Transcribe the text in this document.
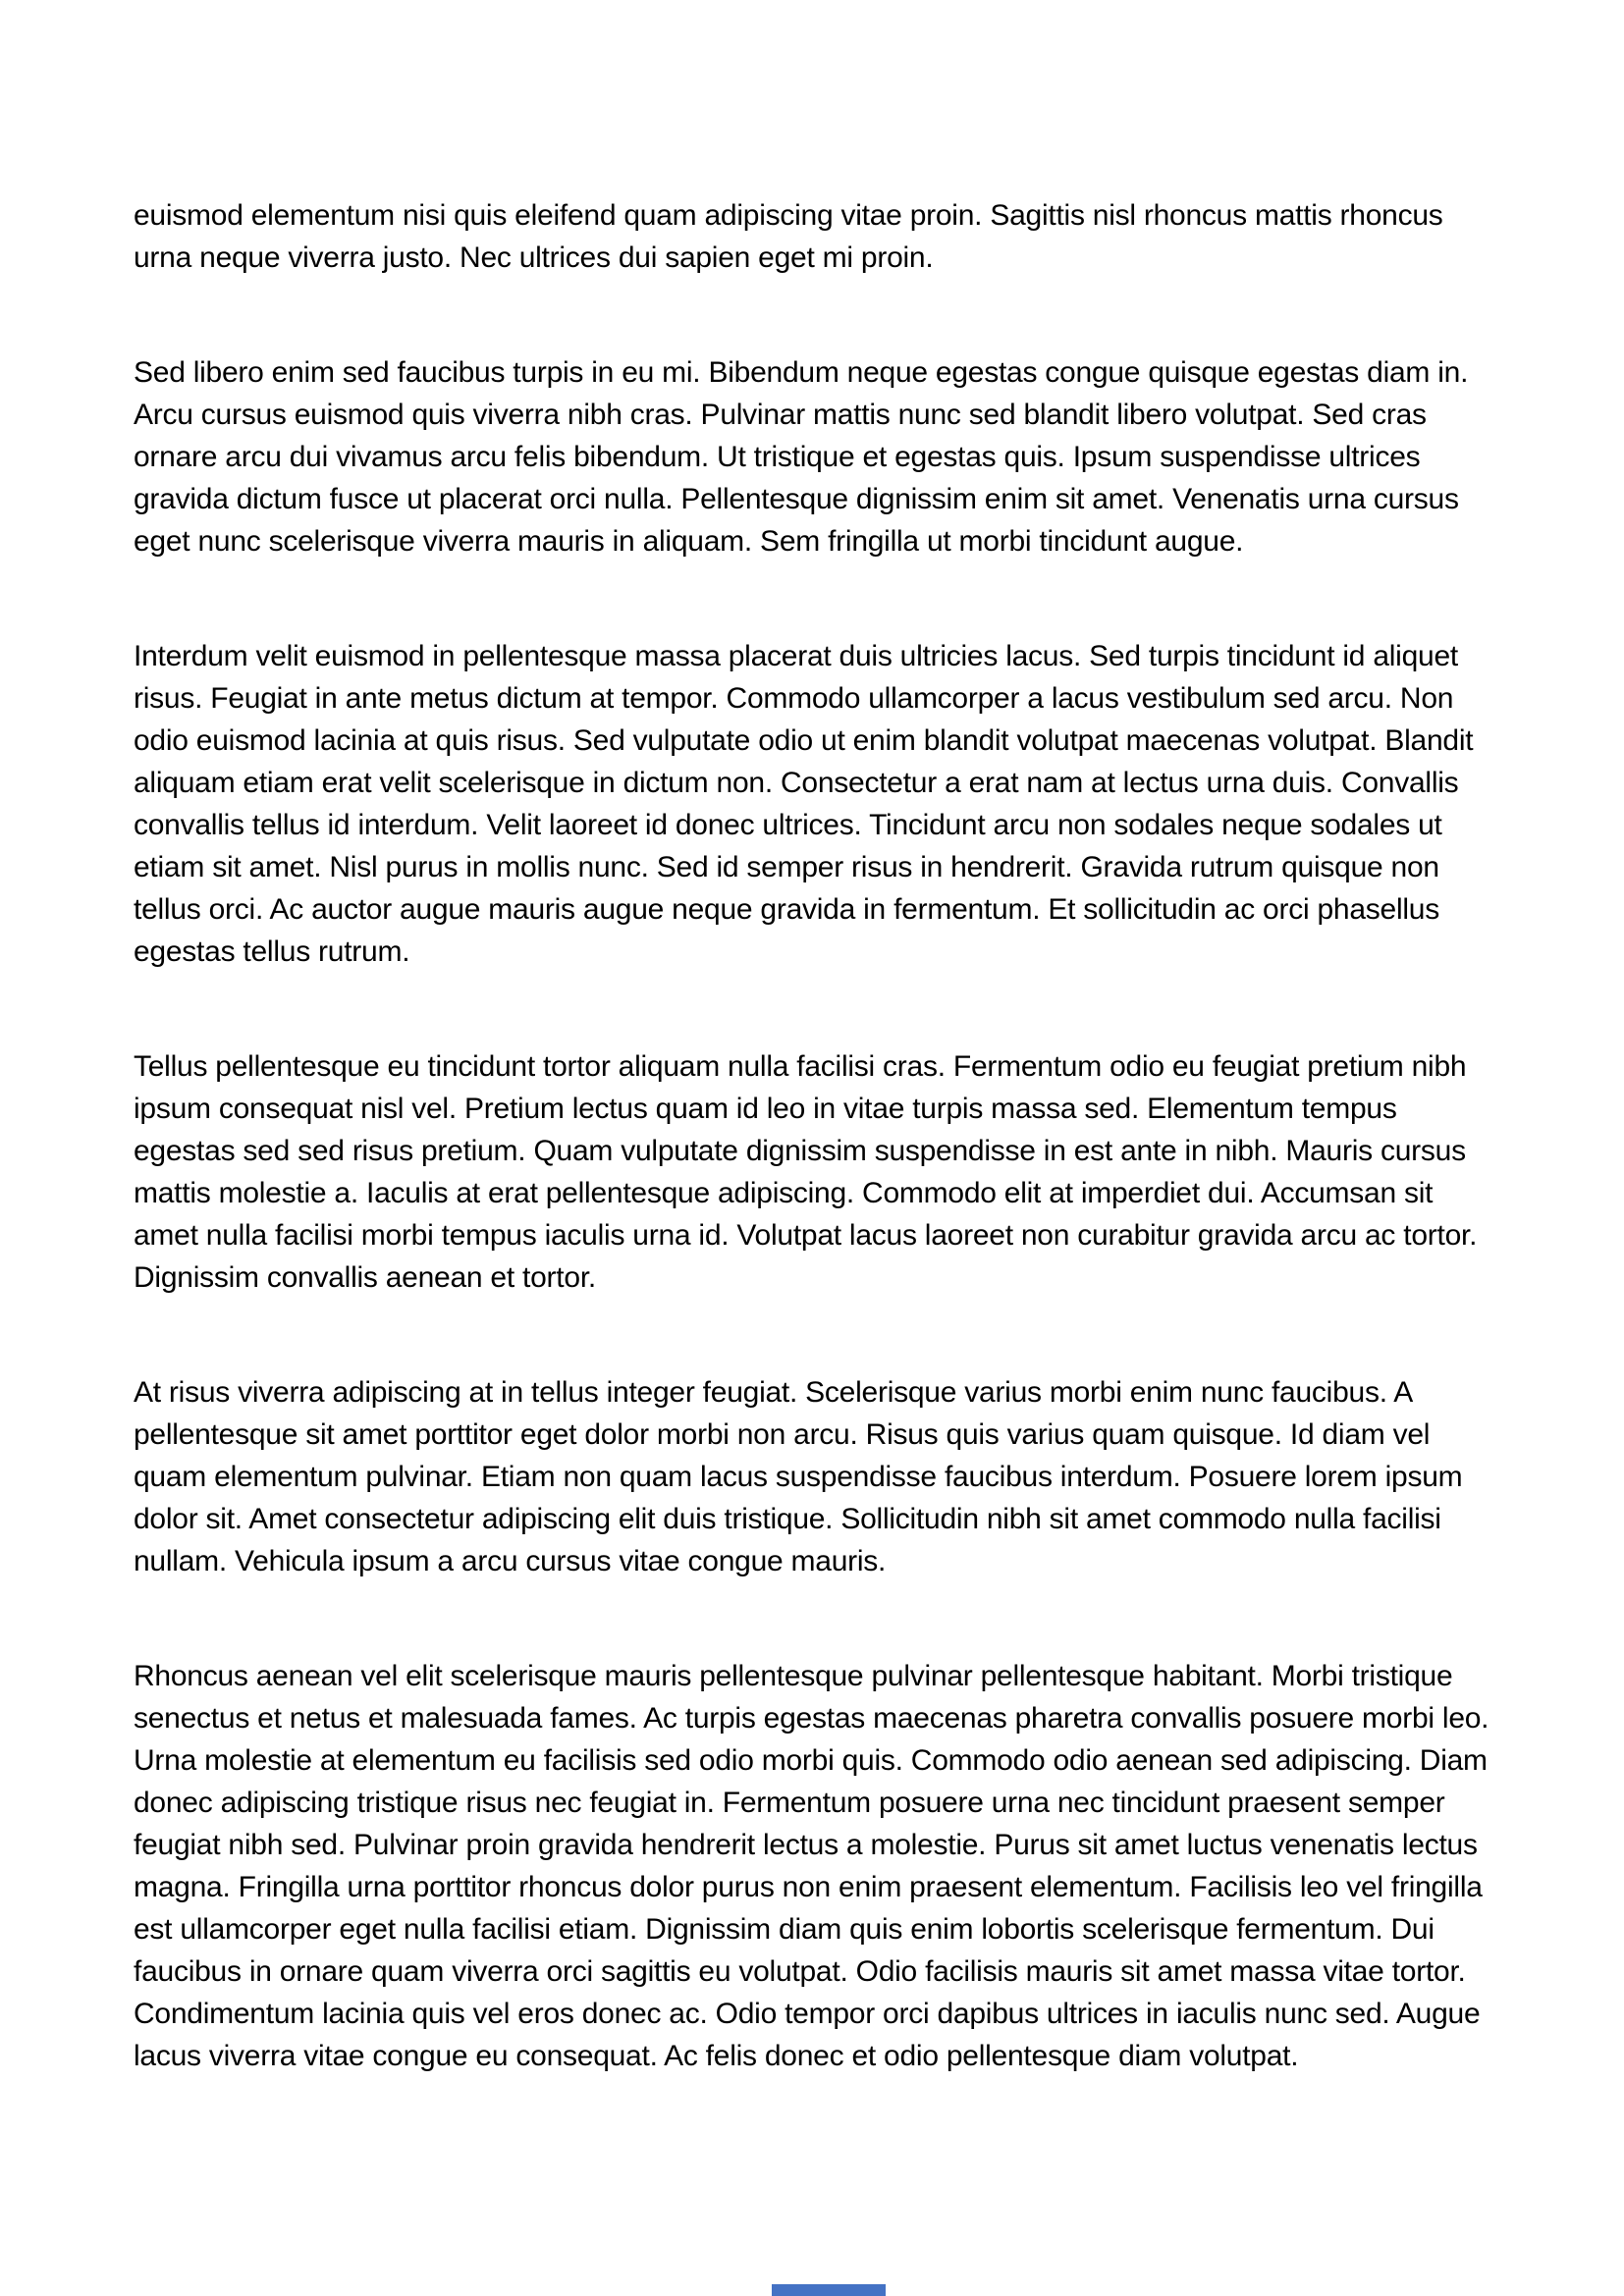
euismod elementum nisi quis eleifend quam adipiscing vitae proin. Sagittis nisl rhoncus mattis rhoncus urna neque viverra justo. Nec ultrices dui sapien eget mi proin.

Sed libero enim sed faucibus turpis in eu mi. Bibendum neque egestas congue quisque egestas diam in. Arcu cursus euismod quis viverra nibh cras. Pulvinar mattis nunc sed blandit libero volutpat. Sed cras ornare arcu dui vivamus arcu felis bibendum. Ut tristique et egestas quis. Ipsum suspendisse ultrices gravida dictum fusce ut placerat orci nulla. Pellentesque dignissim enim sit amet. Venenatis urna cursus eget nunc scelerisque viverra mauris in aliquam. Sem fringilla ut morbi tincidunt augue.

Interdum velit euismod in pellentesque massa placerat duis ultricies lacus. Sed turpis tincidunt id aliquet risus. Feugiat in ante metus dictum at tempor. Commodo ullamcorper a lacus vestibulum sed arcu. Non odio euismod lacinia at quis risus. Sed vulputate odio ut enim blandit volutpat maecenas volutpat. Blandit aliquam etiam erat velit scelerisque in dictum non. Consectetur a erat nam at lectus urna duis. Convallis convallis tellus id interdum. Velit laoreet id donec ultrices. Tincidunt arcu non sodales neque sodales ut etiam sit amet. Nisl purus in mollis nunc. Sed id semper risus in hendrerit. Gravida rutrum quisque non tellus orci. Ac auctor augue mauris augue neque gravida in fermentum. Et sollicitudin ac orci phasellus egestas tellus rutrum.

Tellus pellentesque eu tincidunt tortor aliquam nulla facilisi cras. Fermentum odio eu feugiat pretium nibh ipsum consequat nisl vel. Pretium lectus quam id leo in vitae turpis massa sed. Elementum tempus egestas sed sed risus pretium. Quam vulputate dignissim suspendisse in est ante in nibh. Mauris cursus mattis molestie a. Iaculis at erat pellentesque adipiscing. Commodo elit at imperdiet dui. Accumsan sit amet nulla facilisi morbi tempus iaculis urna id. Volutpat lacus laoreet non curabitur gravida arcu ac tortor. Dignissim convallis aenean et tortor.

At risus viverra adipiscing at in tellus integer feugiat. Scelerisque varius morbi enim nunc faucibus. A pellentesque sit amet porttitor eget dolor morbi non arcu. Risus quis varius quam quisque. Id diam vel quam elementum pulvinar. Etiam non quam lacus suspendisse faucibus interdum. Posuere lorem ipsum dolor sit. Amet consectetur adipiscing elit duis tristique. Sollicitudin nibh sit amet commodo nulla facilisi nullam. Vehicula ipsum a arcu cursus vitae congue mauris.

Rhoncus aenean vel elit scelerisque mauris pellentesque pulvinar pellentesque habitant. Morbi tristique senectus et netus et malesuada fames. Ac turpis egestas maecenas pharetra convallis posuere morbi leo. Urna molestie at elementum eu facilisis sed odio morbi quis. Commodo odio aenean sed adipiscing. Diam donec adipiscing tristique risus nec feugiat in. Fermentum posuere urna nec tincidunt praesent semper feugiat nibh sed. Pulvinar proin gravida hendrerit lectus a molestie. Purus sit amet luctus venenatis lectus magna. Fringilla urna porttitor rhoncus dolor purus non enim praesent elementum. Facilisis leo vel fringilla est ullamcorper eget nulla facilisi etiam. Dignissim diam quis enim lobortis scelerisque fermentum. Dui faucibus in ornare quam viverra orci sagittis eu volutpat. Odio facilisis mauris sit amet massa vitae tortor. Condimentum lacinia quis vel eros donec ac. Odio tempor orci dapibus ultrices in iaculis nunc sed. Augue lacus viverra vitae congue eu consequat. Ac felis donec et odio pellentesque diam volutpat.
